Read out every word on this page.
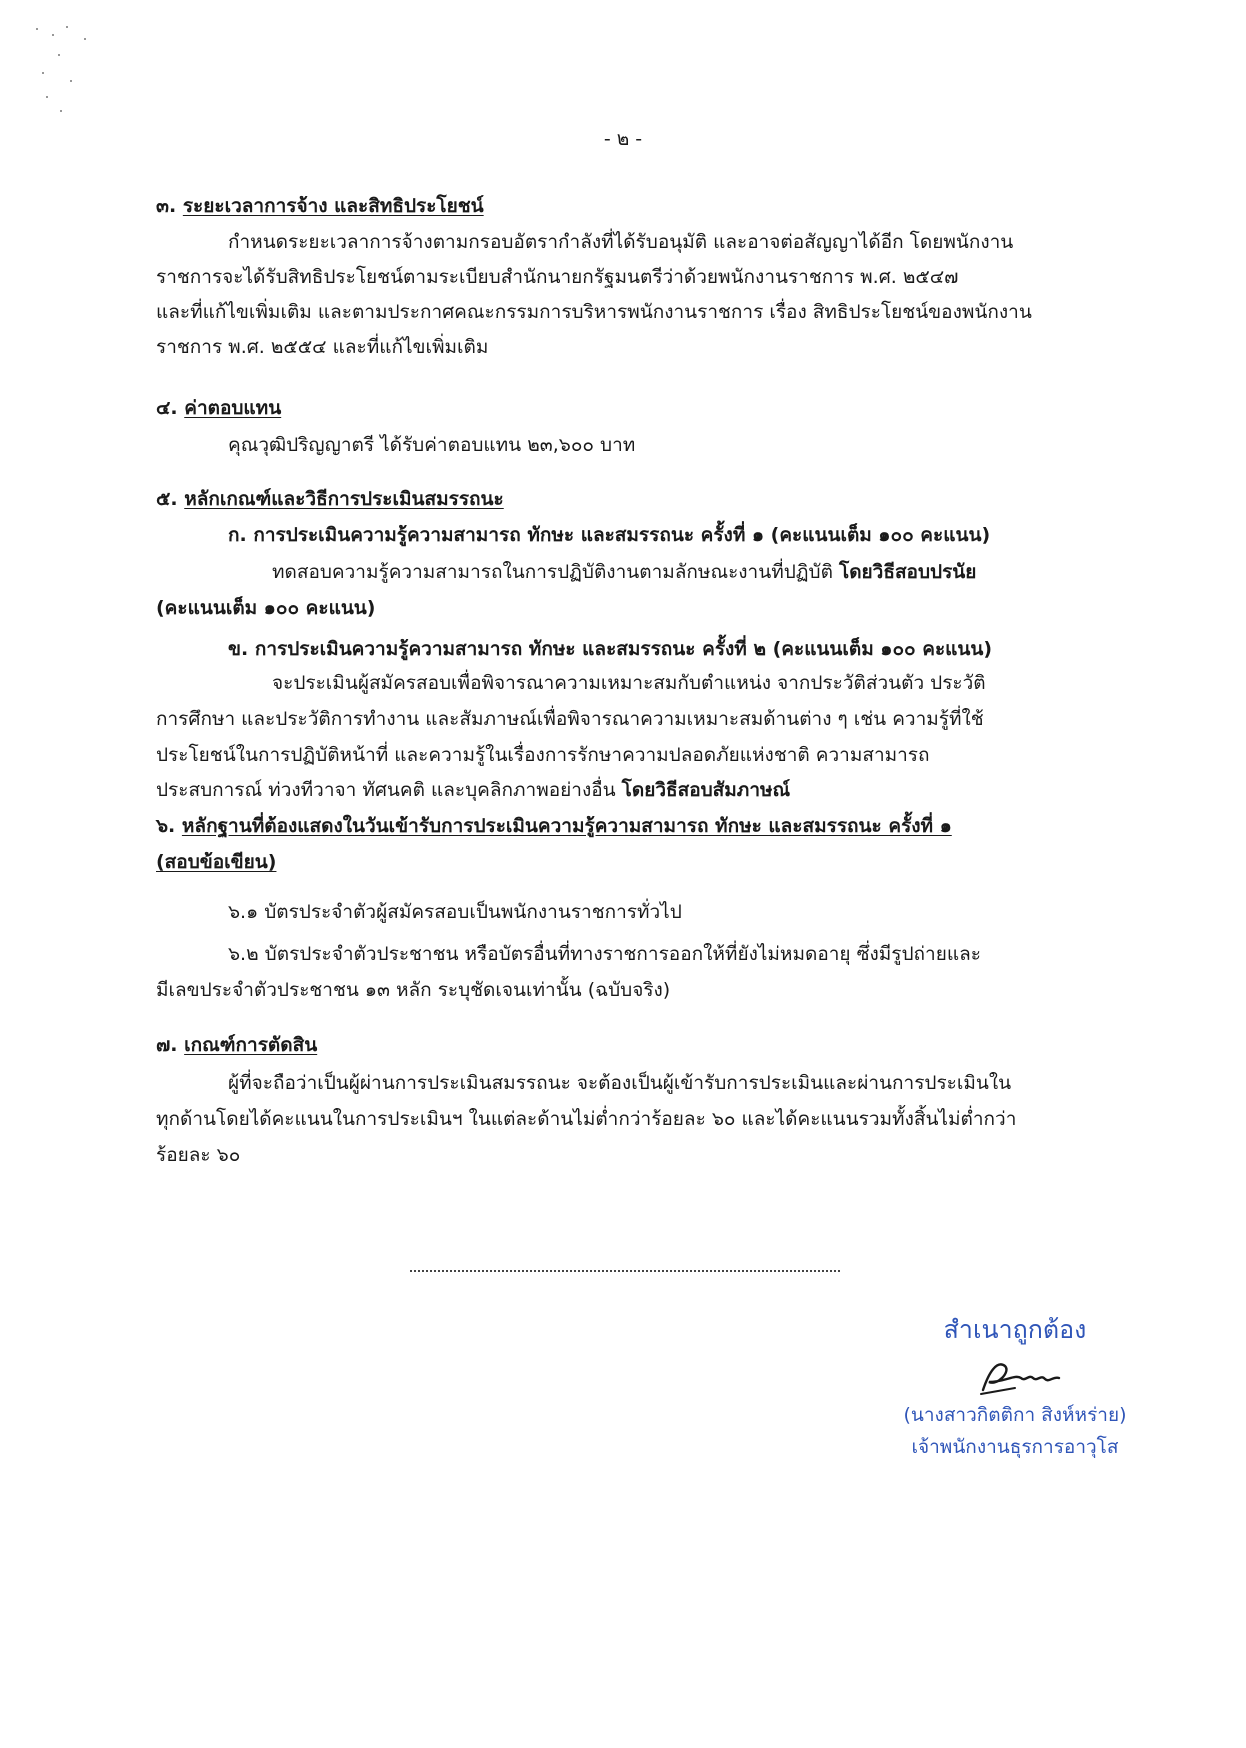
- ๒ -
๓. ระยะเวลาการจ้าง และสิทธิประโยชน์
กำหนดระยะเวลาการจ้างตามกรอบอัตรากำลังที่ได้รับอนุมัติ และอาจต่อสัญญาได้อีก โดยพนักงาน
ราชการจะได้รับสิทธิประโยชน์ตามระเบียบสำนักนายกรัฐมนตรีว่าด้วยพนักงานราชการ พ.ศ. ๒๕๔๗
และที่แก้ไขเพิ่มเติม และตามประกาศคณะกรรมการบริหารพนักงานราชการ เรื่อง สิทธิประโยชน์ของพนักงาน
ราชการ พ.ศ. ๒๕๕๔ และที่แก้ไขเพิ่มเติม
๔. ค่าตอบแทน
คุณวุฒิปริญญาตรี ได้รับค่าตอบแทน ๒๓,๖๐๐ บาท
๕. หลักเกณฑ์และวิธีการประเมินสมรรถนะ
ก. การประเมินความรู้ความสามารถ ทักษะ และสมรรถนะ ครั้งที่ ๑ (คะแนนเต็ม ๑๐๐ คะแนน)
ทดสอบความรู้ความสามารถในการปฏิบัติงานตามลักษณะงานที่ปฏิบัติ โดยวิธีสอบปรนัย
(คะแนนเต็ม ๑๐๐ คะแนน)
ข. การประเมินความรู้ความสามารถ ทักษะ และสมรรถนะ ครั้งที่ ๒ (คะแนนเต็ม ๑๐๐ คะแนน)
จะประเมินผู้สมัครสอบเพื่อพิจารณาความเหมาะสมกับตำแหน่ง จากประวัติส่วนตัว ประวัติ
การศึกษา และประวัติการทำงาน และสัมภาษณ์เพื่อพิจารณาความเหมาะสมด้านต่าง ๆ เช่น ความรู้ที่ใช้
ประโยชน์ในการปฏิบัติหน้าที่ และความรู้ในเรื่องการรักษาความปลอดภัยแห่งชาติ ความสามารถ
ประสบการณ์ ท่วงทีวาจา ทัศนคติ และบุคลิกภาพอย่างอื่น โดยวิธีสอบสัมภาษณ์
๖. หลักฐานที่ต้องแสดงในวันเข้ารับการประเมินความรู้ความสามารถ ทักษะ และสมรรถนะ ครั้งที่ ๑
(สอบข้อเขียน)
๖.๑ บัตรประจำตัวผู้สมัครสอบเป็นพนักงานราชการทั่วไป
๖.๒ บัตรประจำตัวประชาชน หรือบัตรอื่นที่ทางราชการออกให้ที่ยังไม่หมดอายุ ซึ่งมีรูปถ่ายและ
มีเลขประจำตัวประชาชน ๑๓ หลัก ระบุชัดเจนเท่านั้น (ฉบับจริง)
๗. เกณฑ์การตัดสิน
ผู้ที่จะถือว่าเป็นผู้ผ่านการประเมินสมรรถนะ จะต้องเป็นผู้เข้ารับการประเมินและผ่านการประเมินใน
ทุกด้านโดยได้คะแนนในการประเมินฯ ในแต่ละด้านไม่ต่ำกว่าร้อยละ ๖๐ และได้คะแนนรวมทั้งสิ้นไม่ต่ำกว่า
ร้อยละ ๖๐
สำเนาถูกต้อง
(นางสาวกิตติกา สิงห์หร่าย)
เจ้าพนักงานธุรการอาวุโส
